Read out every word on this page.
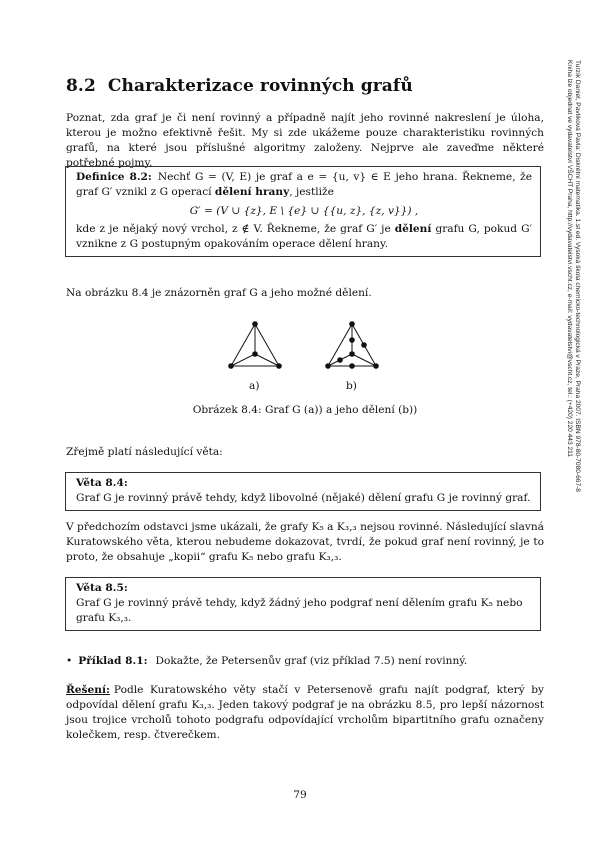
Turzík Daniel, Pavlíková Pavla: Diskrétní matematika. 1.st ed. Vysoká škola chemicko-technologická v Praze, Praha 2007. ISBN 978-80-7080-667-8
Kniha lze objednat ve vydavatelství VŠCHT Praha, http://vydavatelstvi.vscht.cz, e-mail: vydavatelstvi@vscht.cz, tel.: (+420) 220 443 211
8.2 Charakterizace rovinných grafů
Poznat, zda graf je či není rovinný a případně najít jeho rovinné nakreslení je úloha, kterou je možno efektivně řešit. My si zde ukážeme pouze charakteristiku rovinných grafů, na které jsou příslušné algoritmy založeny. Nejprve ale zaveďme některé potřebné pojmy.
Definice 8.2: Nechť G = (V, E) je graf a e = {u, v} ∈ E jeho hrana. Řekneme, že graf G′ vznikl z G operací dělení hrany, jestliže
G′ = (V ∪ {z}, E \ {e} ∪ {{u, z}, {z, v}}) ,
kde z je nějaký nový vrchol, z ∉ V. Řekneme, že graf G′ je dělení grafu G, pokud G′ vznikne z G postupným opakováním operace dělení hrany.
Na obrázku 8.4 je znázorněn graf G a jeho možné dělení.
a)	b)
Obrázek 8.4: Graf G (a)) a jeho dělení (b))
Zřejmě platí následující věta:
Věta 8.4:
Graf G je rovinný právě tehdy, když libovolné (nějaké) dělení grafu G je rovinný graf.
V předchozím odstavci jsme ukázali, že grafy K₅ a K₃,₃ nejsou rovinné. Následující slavná Kuratowského věta, kterou nebudeme dokazovat, tvrdí, že pokud graf není rovinný, je to proto, že obsahuje „kopii“ grafu K₅ nebo grafu K₃,₃.
Věta 8.5:
Graf G je rovinný právě tehdy, když žádný jeho podgraf není dělením grafu K₅ nebo grafu K₃,₃.
• Příklad 8.1: Dokažte, že Petersenův graf (viz příklad 7.5) není rovinný.
Řešení: Podle Kuratowského věty stačí v Petersenově grafu najít podgraf, který by odpovídal dělení grafu K₃,₃. Jeden takový podgraf je na obrázku 8.5, pro lepší názornost jsou trojice vrcholů tohoto podgrafu odpovídající vrcholům bipartitního grafu označeny kolečkem, resp. čtverečkem.
79
